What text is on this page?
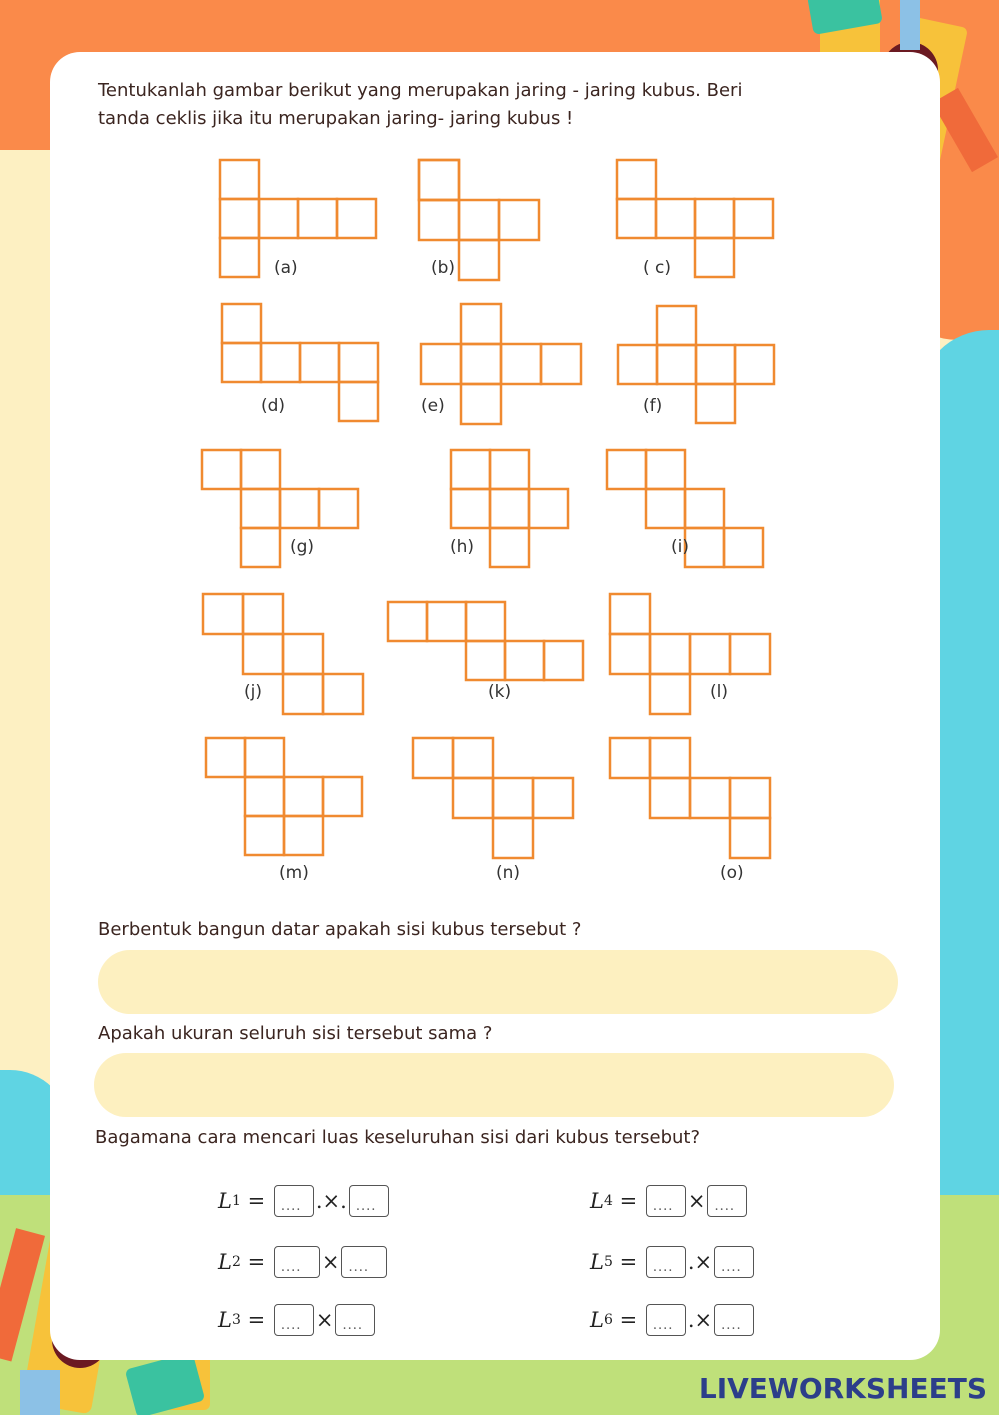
Tentukanlah gambar berikut yang merupakan jaring - jaring kubus. Beri

tanda ceklis jika itu merupakan jaring- jaring kubus !

(a)	(b)	( c)
(d)	(e)	(f)
(g)	(h)	(i)
(j)	(k)	(l)
(m)	(n)	(o)

Berbentuk bangun datar apakah sisi kubus tersebut ?

Apakah ukuran seluruh sisi tersebut sama ?

Bagamana cara mencari luas keseluruhan sisi dari kubus tersebut?

L 1
=
.... .×.
....
L 2
=
....	×
....
L 3
=
.... ×
....
L 4
=
.... ×
....
L 5
=
.... .×
....
L 6
=
.... .×
....
LIVEWORKSHEETS
